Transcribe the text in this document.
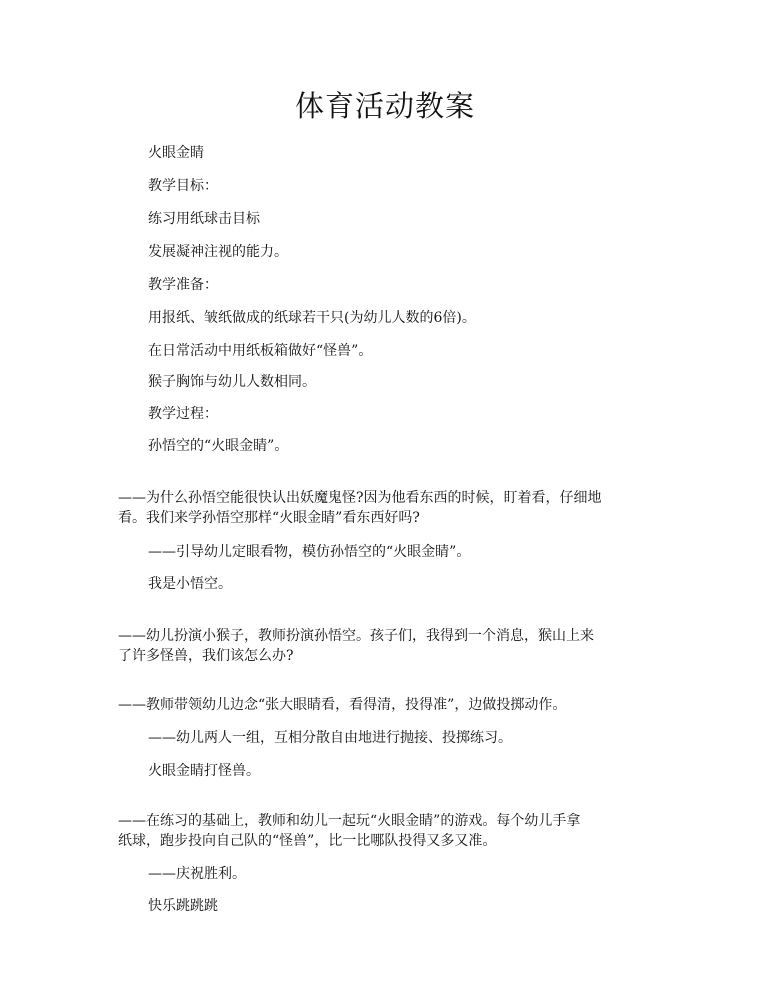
体育活动教案
火眼金睛
教学目标：
练习用纸球击目标
发展凝神注视的能力。
教学准备：
用报纸、皱纸做成的纸球若干只(为幼儿人数的6倍)。
在日常活动中用纸板箱做好“怪兽”。
猴子胸饰与幼儿人数相同。
教学过程：
孙悟空的“火眼金睛”。
——为什么孙悟空能很快认出妖魔鬼怪?因为他看东西的时候，盯着看，仔细地
看。我们来学孙悟空那样“火眼金睛”看东西好吗?
——引导幼儿定眼看物，模仿孙悟空的“火眼金睛”。
我是小悟空。
——幼儿扮演小猴子，教师扮演孙悟空。孩子们，我得到一个消息，猴山上来
了许多怪兽，我们该怎么办?
——教师带领幼儿边念“张大眼睛看，看得清，投得准”，边做投掷动作。
——幼儿两人一组，互相分散自由地进行抛接、投掷练习。
火眼金睛打怪兽。
——在练习的基础上，教师和幼儿一起玩“火眼金睛”的游戏。每个幼儿手拿
纸球，跑步投向自己队的“怪兽”，比一比哪队投得又多又准。
——庆祝胜利。
快乐跳跳跳
